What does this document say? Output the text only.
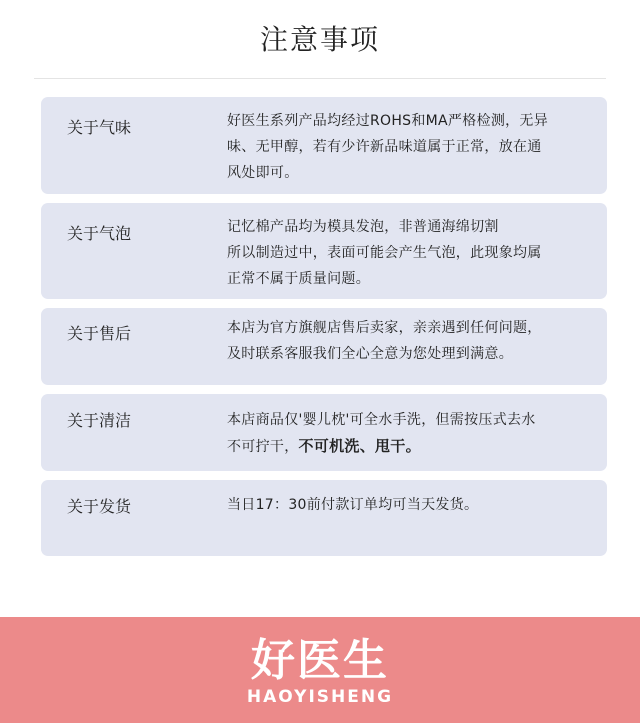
注意事项
关于气味	好医生系列产品均经过ROHS和MA严格检测，无异
味、无甲醇，若有少许新品味道属于正常，放在通
风处即可。
关于气泡	记忆棉产品均为模具发泡，非普通海绵切割
所以制造过中，表面可能会产生气泡，此现象均属
正常不属于质量问题。
关于售后	本店为官方旗舰店售后卖家，亲亲遇到任何问题，
及时联系客服我们全心全意为您处理到满意。
关于清洁	本店商品仅'婴儿枕'可全水手洗，但需按压式去水
不可拧干，不可机洗、甩干。
关于发货	当日17：30前付款订单均可当天发货。
好医生
HAOYISHENG
